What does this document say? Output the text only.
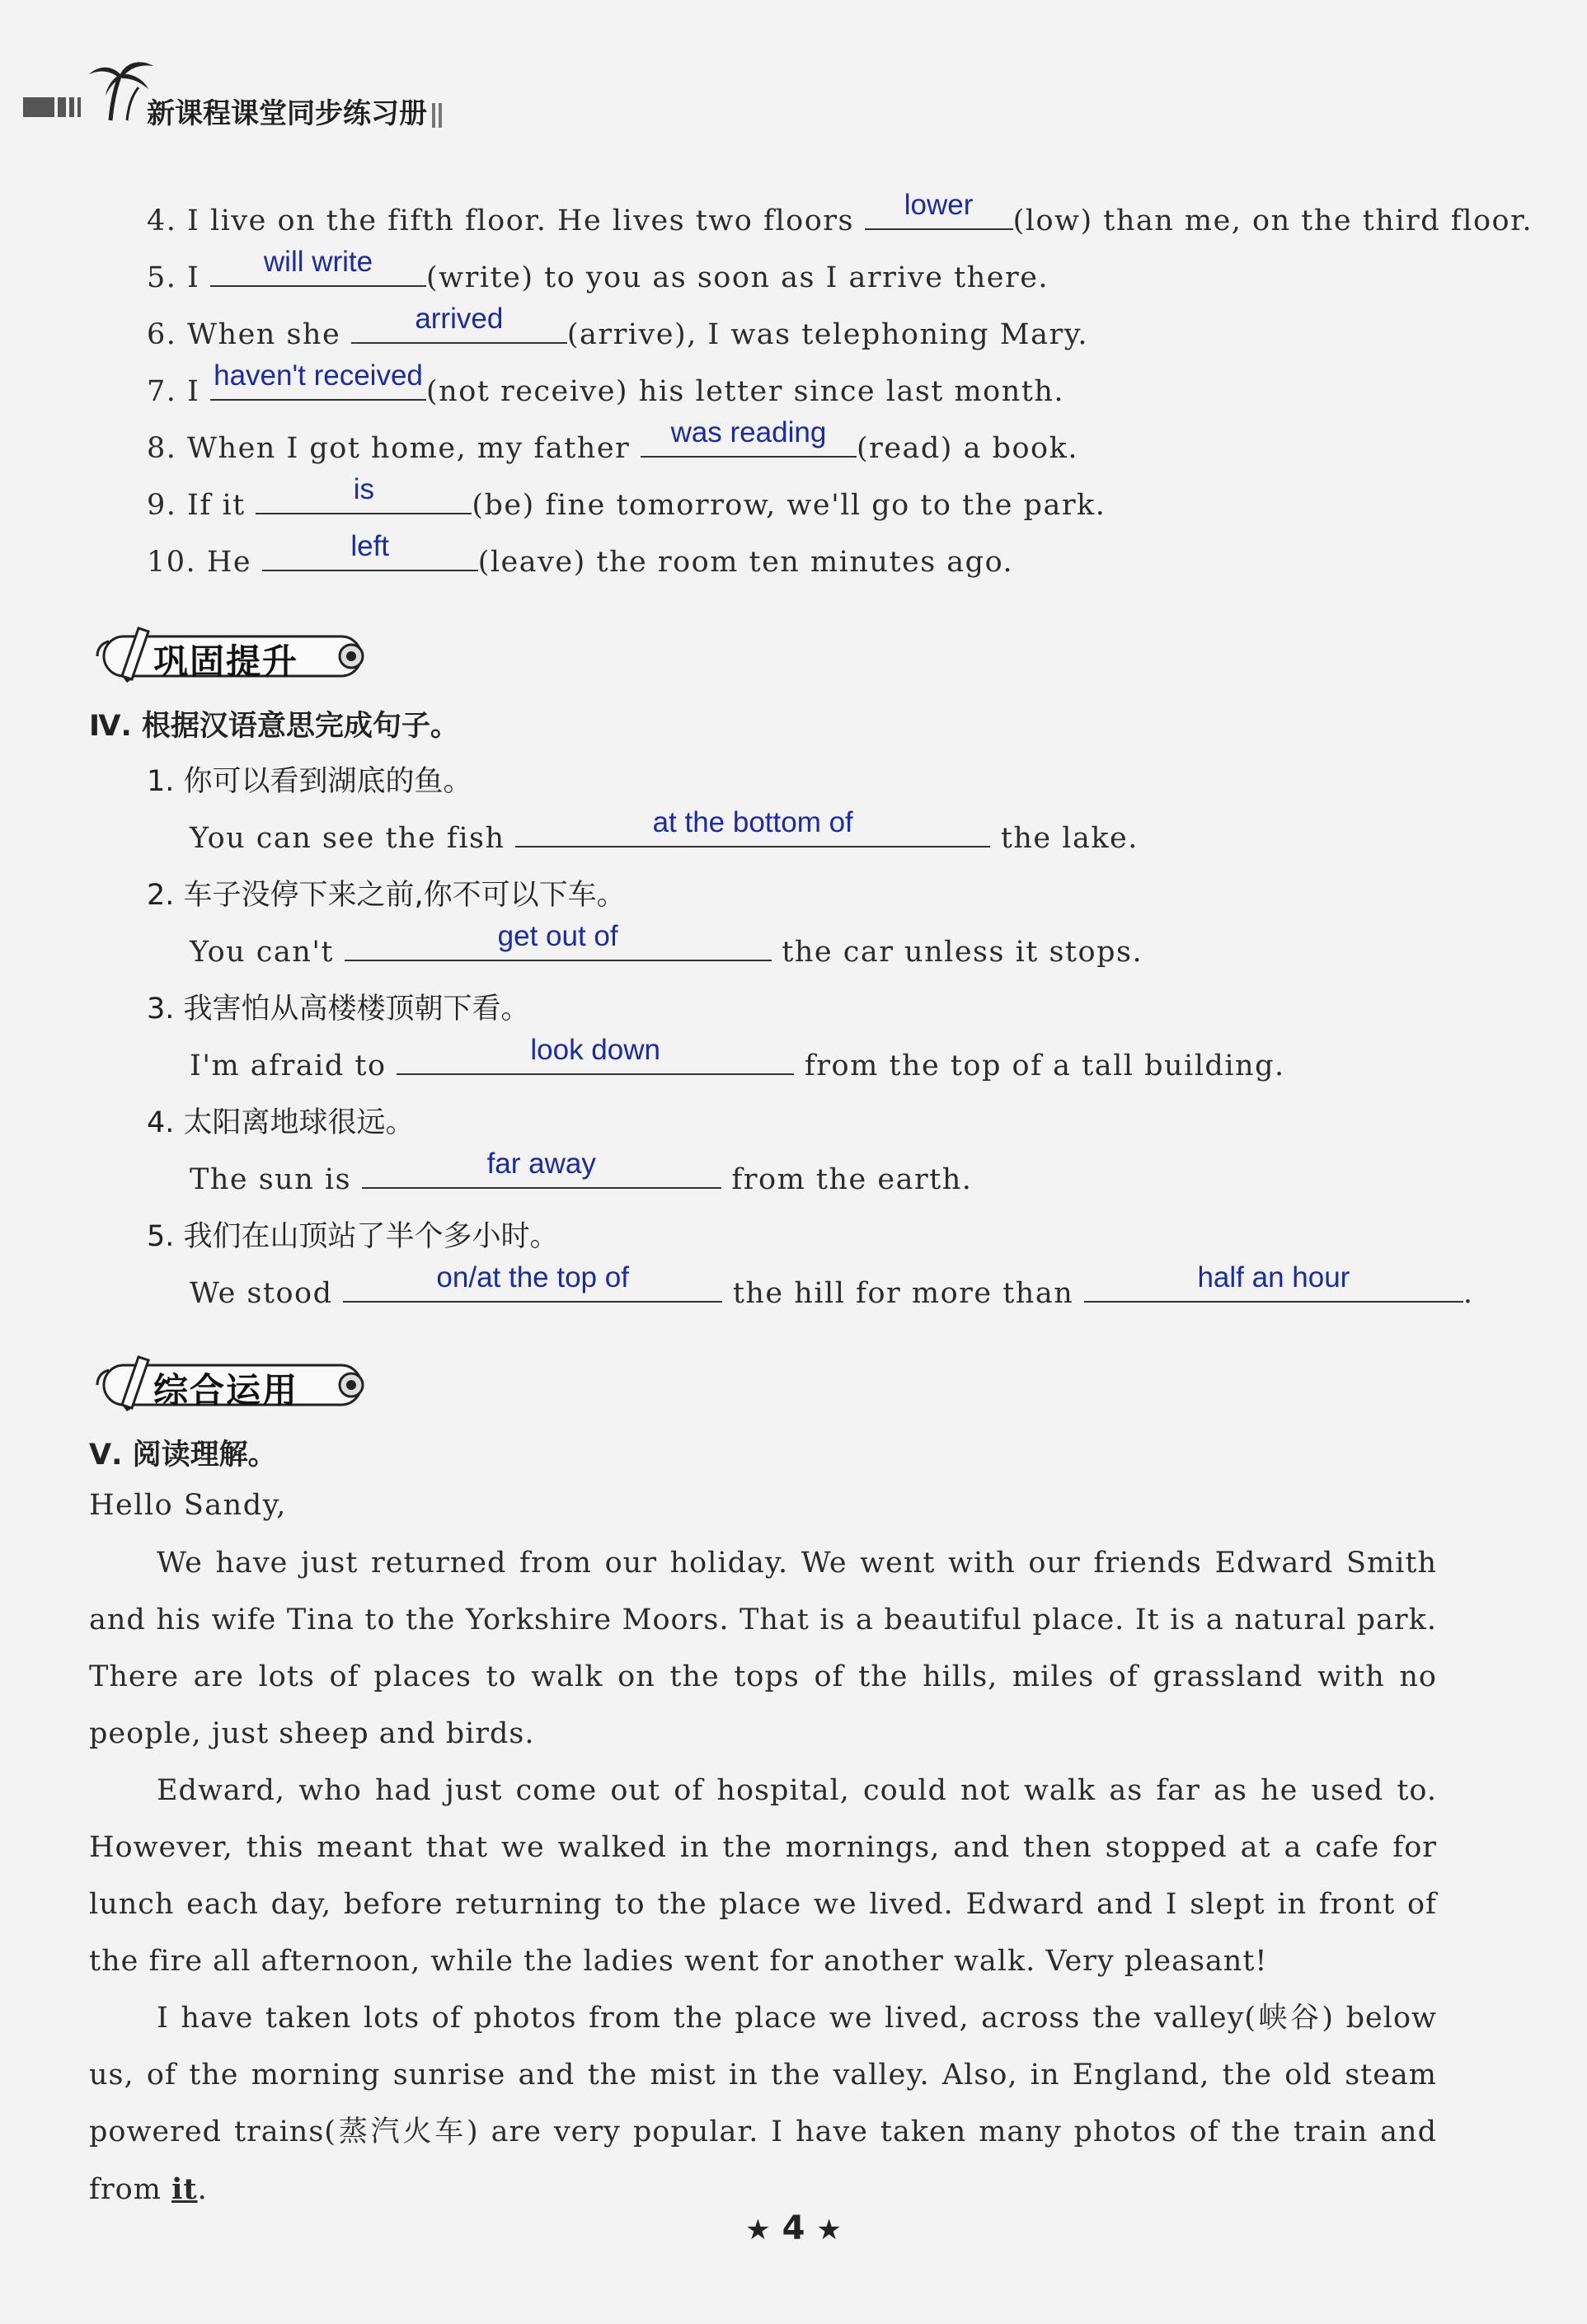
新课程课堂同步练习册
4. I live on the fifth floor. He lives two floors	lower	(low) than me, on the third floor.
5. I	will write	(write) to you as soon as I arrive there.
6. When she	arrived	(arrive), I was telephoning Mary.
7. I haven't received (not receive) his letter since last month.
8. When I got home, my father	was reading	(read) a book.
9. If it	is	(be) fine tomorrow, we'll go to the park.
10. He	left	(leave) the room ten minutes ago.
巩固提升
Ⅳ. 根据汉语意思完成句子。
1. 你可以看到湖底的鱼。
You can see the fish	at the bottom of	the lake.
2. 车子没停下来之前,你不可以下车。
You can't	get out of	the car unless it stops.
3. 我害怕从高楼楼顶朝下看。
I'm afraid to	look down	from the top of a tall building.
4. 太阳离地球很远。
The sun is	far away	from the earth.
5. 我们在山顶站了半个多小时。
We stood	on/at the top of	the hill for more than	half an hour	.
综合运用
Ⅴ. 阅读理解。
Hello Sandy,
We have just returned from our holiday. We went with our friends Edward Smith and his wife Tina to the Yorkshire Moors. That is a beautiful place. It is a natural park. There are lots of places to walk on the tops of the hills, miles of grassland with no people, just sheep and birds.
Edward, who had just come out of hospital, could not walk as far as he used to. However, this meant that we walked in the mornings, and then stopped at a cafe for lunch each day, before returning to the place we lived. Edward and I slept in front of the fire all afternoon, while the ladies went for another walk. Very pleasant!
I have taken lots of photos from the place we lived, across the valley(峡谷) below us, of the morning sunrise and the mist in the valley. Also, in England, the old steam powered trains(蒸汽火车) are very popular. I have taken many photos of the train and from it.
★ 4 ★
